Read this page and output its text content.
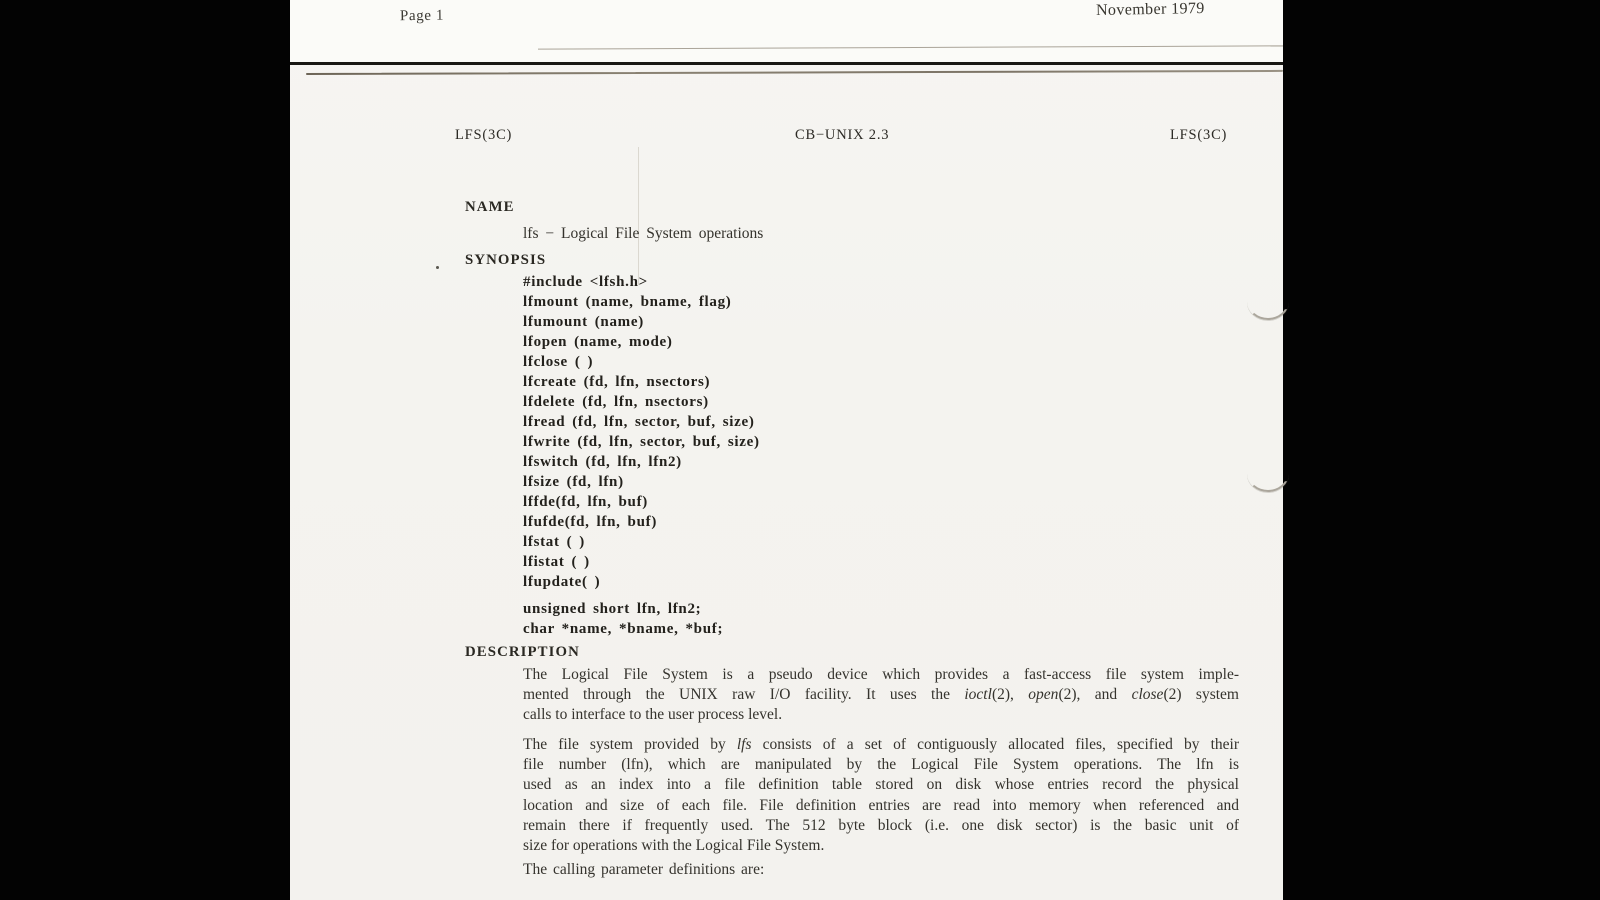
Page 1	November 1979
LFS(3C)	CB−UNIX 2.3	LFS(3C)
NAME
lfs − Logical File System operations
SYNOPSIS
#include <lfsh.h>
lfmount (name, bname, flag)
lfumount (name)
lfopen (name, mode)
lfclose ( )
lfcreate (fd, lfn, nsectors)
lfdelete (fd, lfn, nsectors)
lfread (fd, lfn, sector, buf, size)
lfwrite (fd, lfn, sector, buf, size)
lfswitch (fd, lfn, lfn2)
lfsize (fd, lfn)
lffde(fd, lfn, buf)
lfufde(fd, lfn, buf)
lfstat ( )
lfistat ( )
lfupdate( )
unsigned short lfn, lfn2;
char *name, *bname, *buf;
DESCRIPTION
The Logical File System is a pseudo device which provides a fast-access file system imple-
mented through the UNIX raw I/O facility. It uses the ioctl(2), open(2), and close(2) system
calls to interface to the user process level.
The file system provided by lfs consists of a set of contiguously allocated files, specified by their
file number (lfn), which are manipulated by the Logical File System operations. The lfn is
used as an index into a file definition table stored on disk whose entries record the physical
location and size of each file. File definition entries are read into memory when referenced and
remain there if frequently used. The 512 byte block (i.e. one disk sector) is the basic unit of
size for operations with the Logical File System.
The calling parameter definitions are:
